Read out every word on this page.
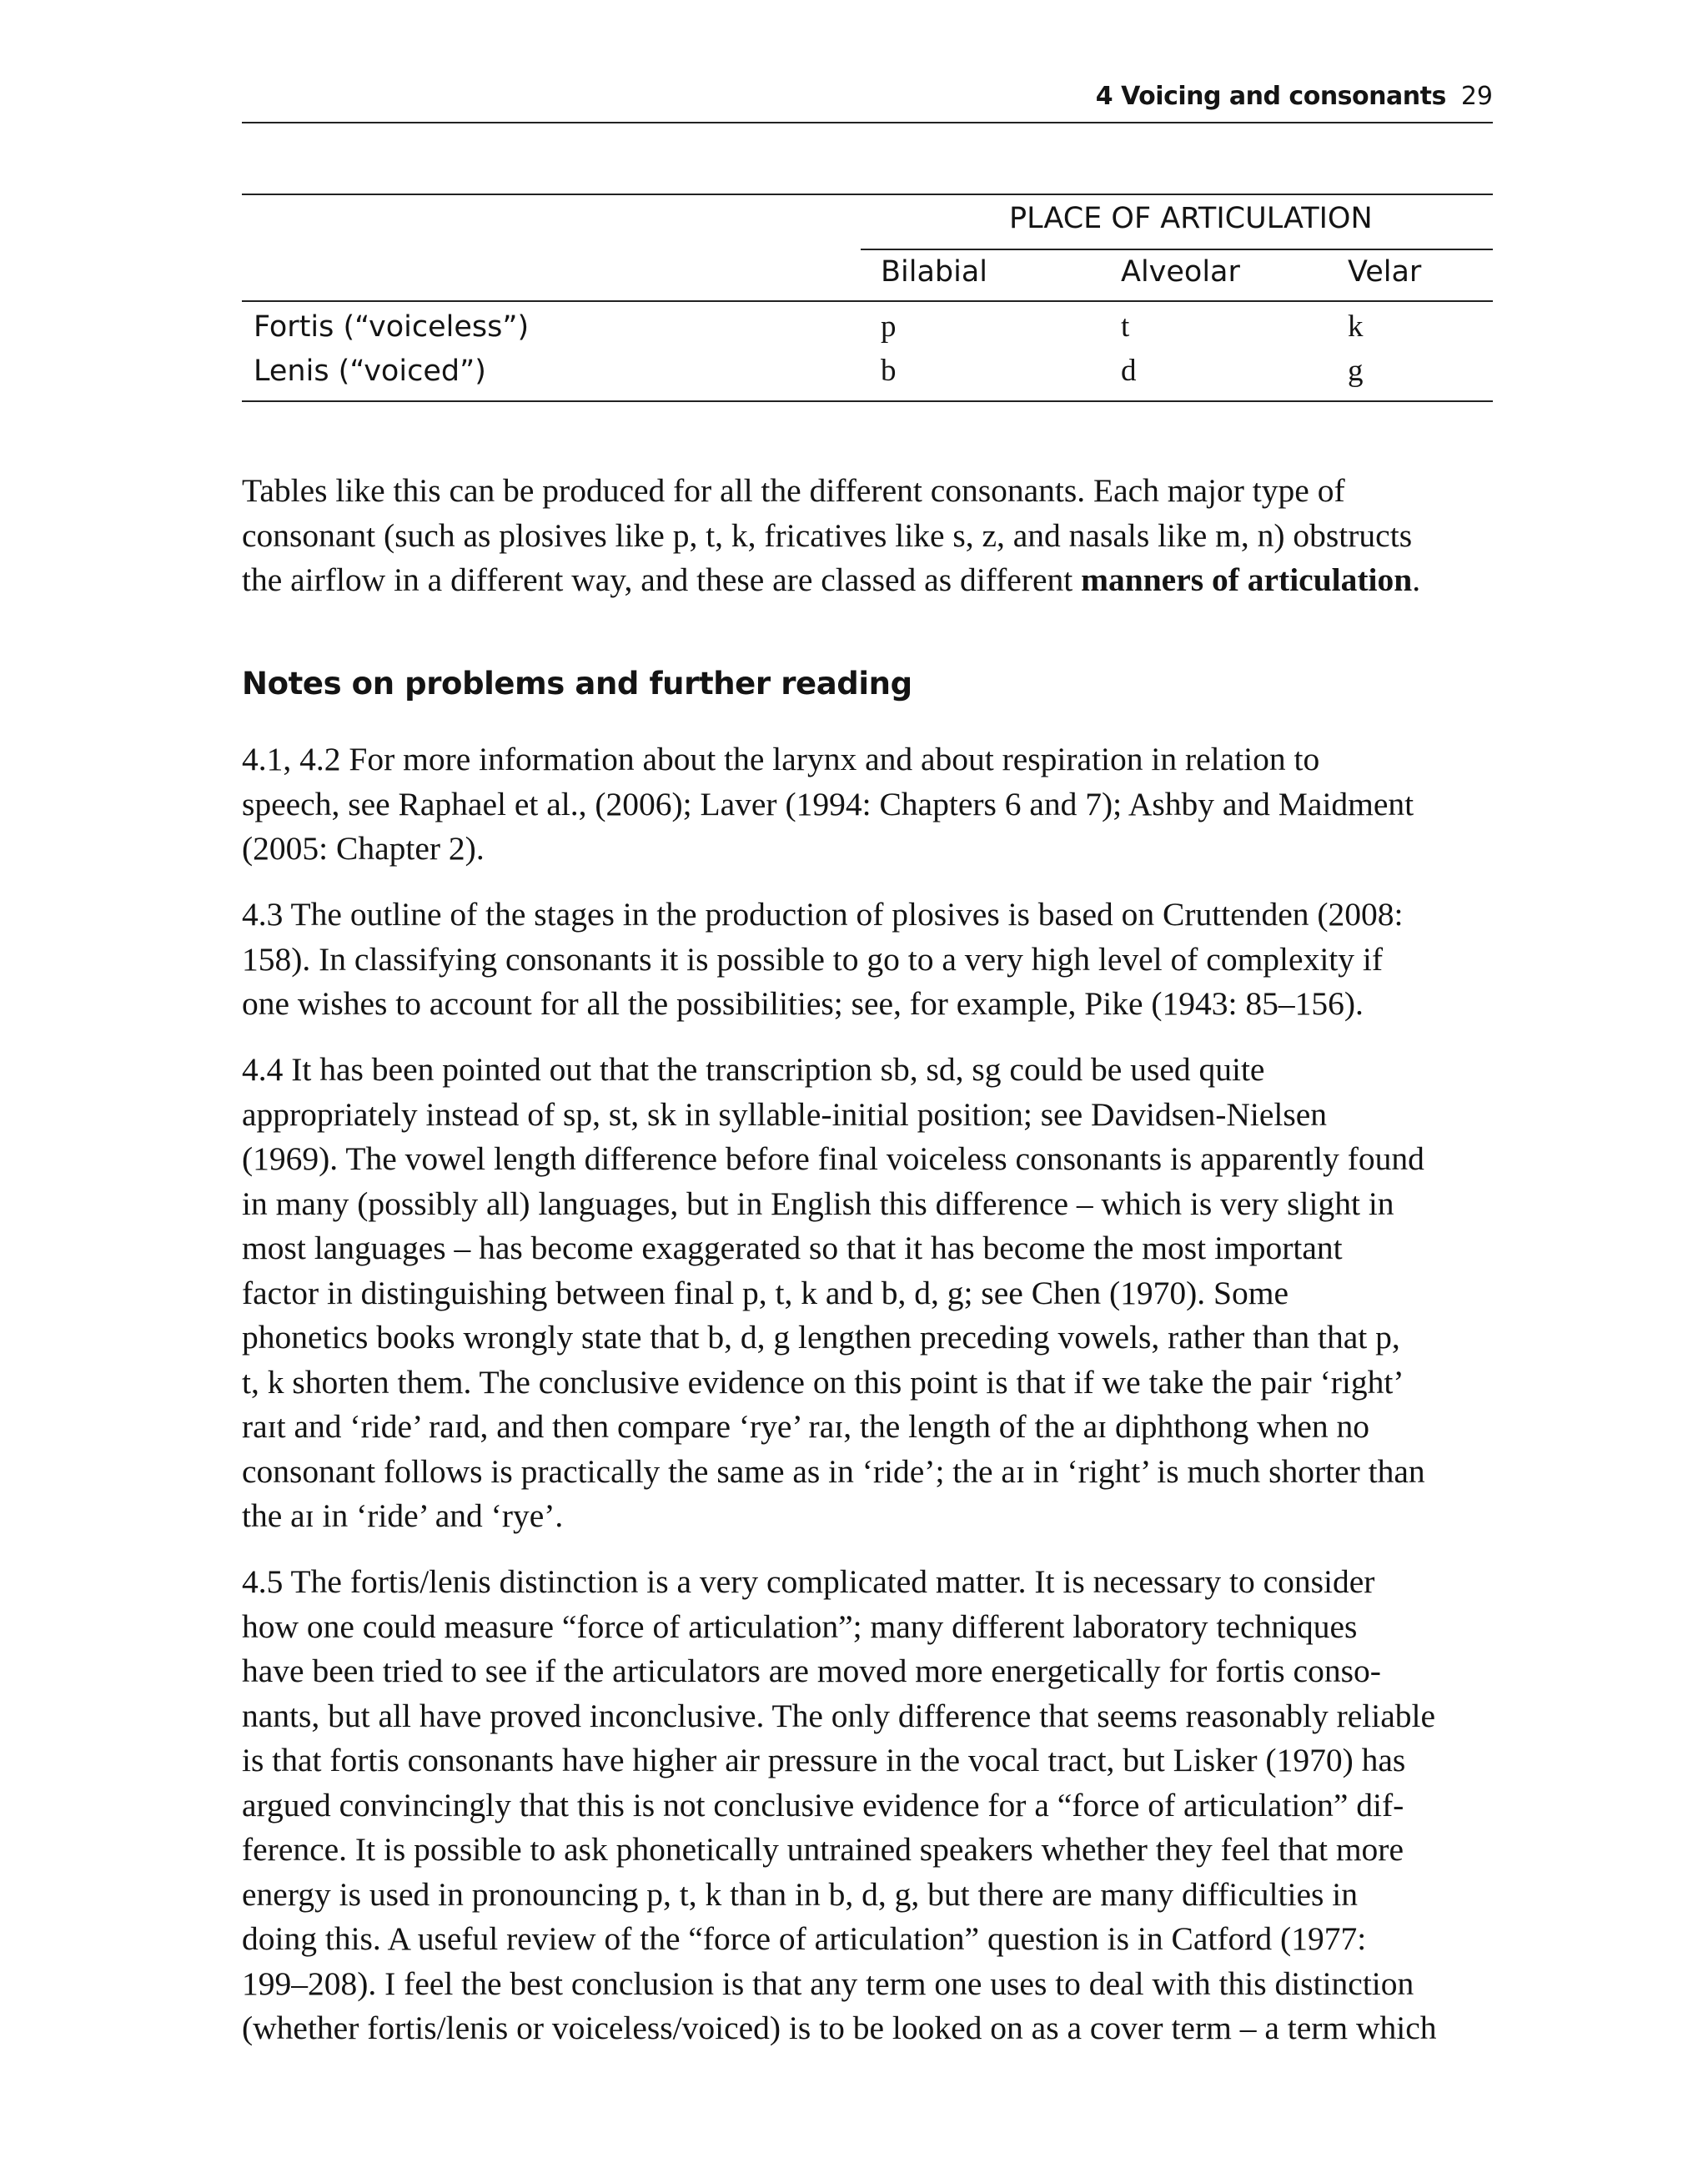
4 Voicing and consonants 29
PLACE OF ARTICULATION
Bilabial	Alveolar	Velar
Fortis (“voiceless”)	p	t	k
Lenis (“voiced”)	b	d	g
Tables like this can be produced for all the different consonants. Each major type of
consonant (such as plosives like p, t, k, fricatives like s, z, and nasals like m, n) obstructs
the airflow in a different way, and these are classed as different manners of articulation.
Notes on problems and further reading
4.1, 4.2 For more information about the larynx and about respiration in relation to
speech, see Raphael et al., (2006); Laver (1994: Chapters 6 and 7); Ashby and Maidment
(2005: Chapter 2).
4.3 The outline of the stages in the production of plosives is based on Cruttenden (2008:
158). In classifying consonants it is possible to go to a very high level of complexity if
one wishes to account for all the possibilities; see, for example, Pike (1943: 85–156).
4.4 It has been pointed out that the transcription sb, sd, sg could be used quite
appropriately instead of sp, st, sk in syllable-initial position; see Davidsen-Nielsen
(1969). The vowel length difference before final voiceless consonants is apparently found
in many (possibly all) languages, but in English this difference – which is very slight in
most languages – has become exaggerated so that it has become the most important
factor in distinguishing between final p, t, k and b, d, g; see Chen (1970). Some
phonetics books wrongly state that b, d, g lengthen preceding vowels, rather than that p,
t, k shorten them. The conclusive evidence on this point is that if we take the pair ‘right’
raɪt and ‘ride’ raɪd, and then compare ‘rye’ raɪ, the length of the aɪ diphthong when no
consonant follows is practically the same as in ‘ride’; the aɪ in ‘right’ is much shorter than
the aɪ in ‘ride’ and ‘rye’.
4.5 The fortis/lenis distinction is a very complicated matter. It is necessary to consider
how one could measure “force of articulation”; many different laboratory techniques
have been tried to see if the articulators are moved more energetically for fortis conso-
nants, but all have proved inconclusive. The only difference that seems reasonably reliable
is that fortis consonants have higher air pressure in the vocal tract, but Lisker (1970) has
argued convincingly that this is not conclusive evidence for a “force of articulation” dif-
ference. It is possible to ask phonetically untrained speakers whether they feel that more
energy is used in pronouncing p, t, k than in b, d, g, but there are many difficulties in
doing this. A useful review of the “force of articulation” question is in Catford (1977:
199–208). I feel the best conclusion is that any term one uses to deal with this distinction
(whether fortis/lenis or voiceless/voiced) is to be looked on as a cover term – a term which
